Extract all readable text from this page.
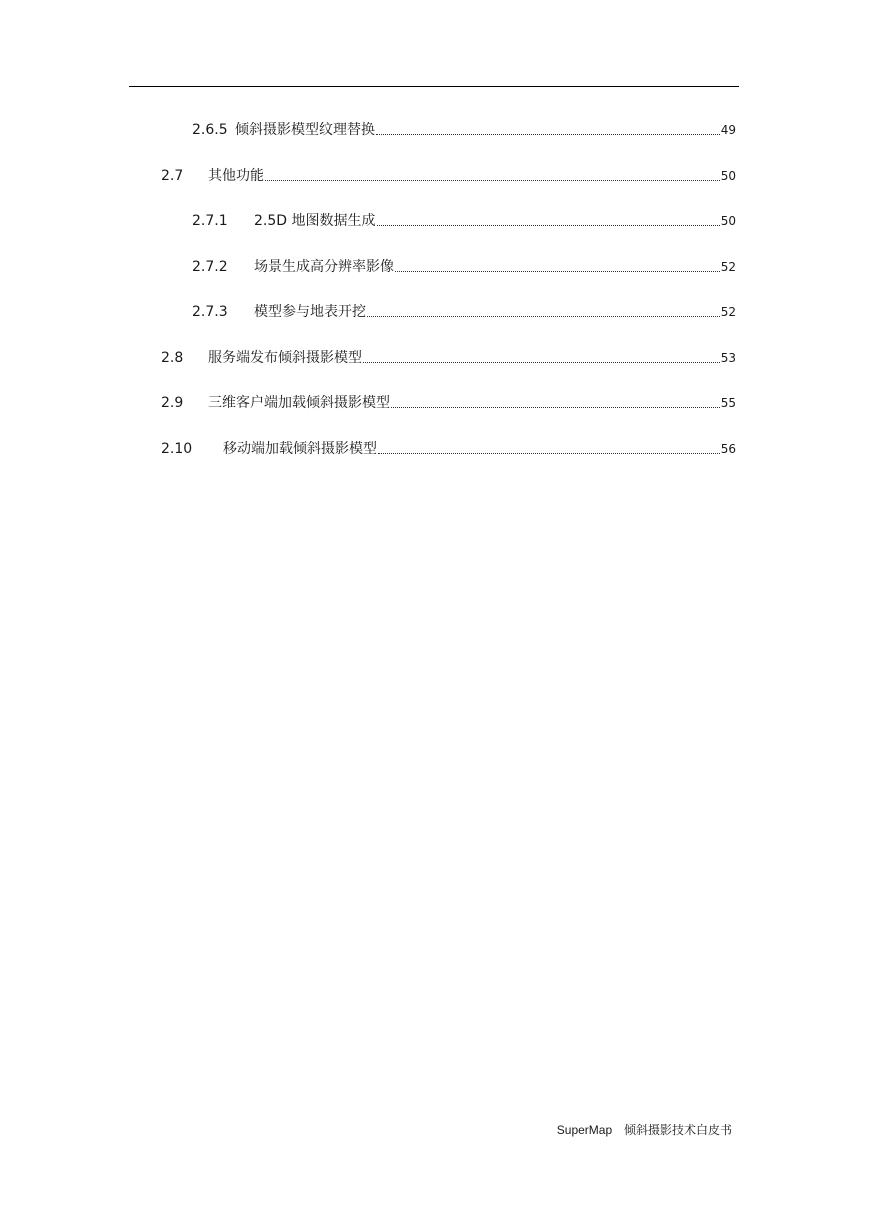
2.6.5 倾斜摄影模型纹理替换	49
2.7	其他功能	50
2.7.1	2.5D 地图数据生成	50
2.7.2	场景生成高分辨率影像	52
2.7.3	模型参与地表开挖	52
2.8	服务端发布倾斜摄影模型	53
2.9	三维客户端加载倾斜摄影模型	55
2.10	移动端加载倾斜摄影模型	56
SuperMap 倾斜摄影技术白皮书
